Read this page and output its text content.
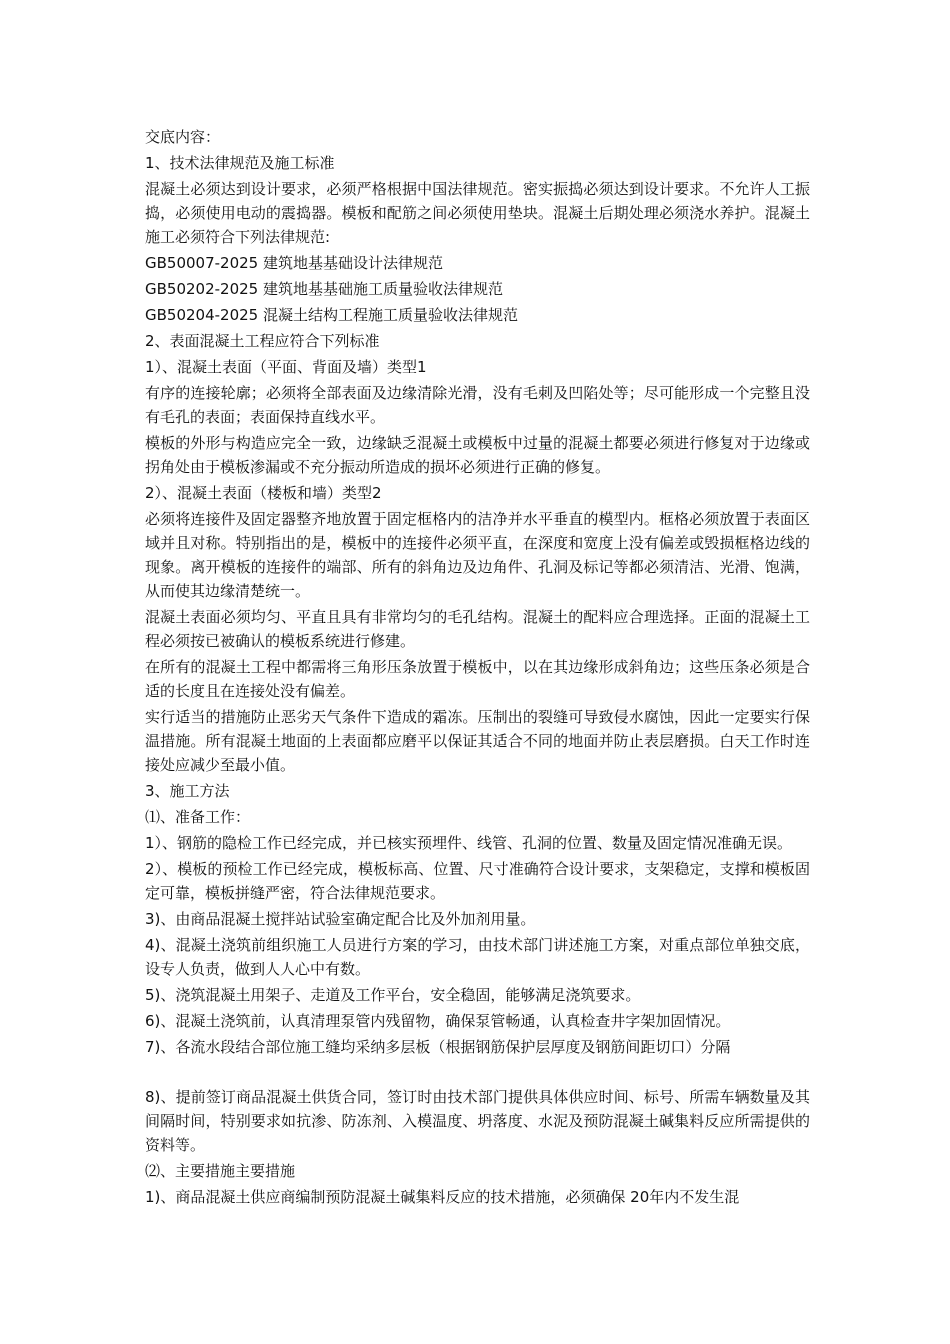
交底内容：

1、技术法律规范及施工标准

混凝土必须达到设计要求，必须严格根据中国法律规范。密实振捣必须达到设计要求。不允许人工振捣，必须使用电动的震捣器。模板和配筋之间必须使用垫块。混凝土后期处理必须浇水养护。混凝土施工必须符合下列法律规范:

GB50007-2025 建筑地基基础设计法律规范

GB50202-2025 建筑地基基础施工质量验收法律规范

GB50204-2025 混凝土结构工程施工质量验收法律规范

2、表面混凝土工程应符合下列标准

1）、混凝土表面（平面、背面及墙）类型1

有序的连接轮廓；必须将全部表面及边缘清除光滑，没有毛刺及凹陷处等；尽可能形成一个完整且没有毛孔的表面；表面保持直线水平。

模板的外形与构造应完全一致，边缘缺乏混凝土或模板中过量的混凝土都要必须进行修复对于边缘或拐角处由于模板渗漏或不充分振动所造成的损坏必须进行正确的修复。

2）、混凝土表面（楼板和墙）类型2

必须将连接件及固定器整齐地放置于固定框格内的洁净并水平垂直的模型内。框格必须放置于表面区域并且对称。特别指出的是，模板中的连接件必须平直，在深度和宽度上没有偏差或毁损框格边线的现象。离开模板的连接件的端部、所有的斜角边及边角件、孔洞及标记等都必须清洁、光滑、饱满，从而使其边缘清楚统一。

混凝土表面必须均匀、平直且具有非常均匀的毛孔结构。混凝土的配料应合理选择。正面的混凝土工程必须按已被确认的模板系统进行修建。

在所有的混凝土工程中都需将三角形压条放置于模板中，以在其边缘形成斜角边；这些压条必须是合适的长度且在连接处没有偏差。

实行适当的措施防止恶劣天气条件下造成的霜冻。压制出的裂缝可导致侵水腐蚀，因此一定要实行保温措施。所有混凝土地面的上表面都应磨平以保证其适合不同的地面并防止表层磨损。白天工作时连接处应减少至最小值。

3、施工方法

⑴、准备工作：

1）、钢筋的隐检工作已经完成，并已核实预埋件、线管、孔洞的位置、数量及固定情况准确无误。

2）、模板的预检工作已经完成，模板标高、位置、尺寸准确符合设计要求，支架稳定，支撑和模板固定可靠，模板拼缝严密，符合法律规范要求。

3)、由商品混凝土搅拌站试验室确定配合比及外加剂用量。

4)、混凝土浇筑前组织施工人员进行方案的学习，由技术部门讲述施工方案，对重点部位单独交底，设专人负责，做到人人心中有数。

5)、浇筑混凝土用架子、走道及工作平台，安全稳固，能够满足浇筑要求。

6)、混凝土浇筑前，认真清理泵管内残留物，确保泵管畅通，认真检查井字架加固情况。

7)、各流水段结合部位施工缝均采纳多层板（根据钢筋保护层厚度及钢筋间距切口）分隔

8)、提前签订商品混凝土供货合同，签订时由技术部门提供具体供应时间、标号、所需车辆数量及其间隔时间，特别要求如抗渗、防冻剂、入模温度、坍落度、水泥及预防混凝土碱集料反应所需提供的资料等。

⑵、主要措施主要措施

1)、商品混凝土供应商编制预防混凝土碱集料反应的技术措施，必须确保 20年内不发生混
